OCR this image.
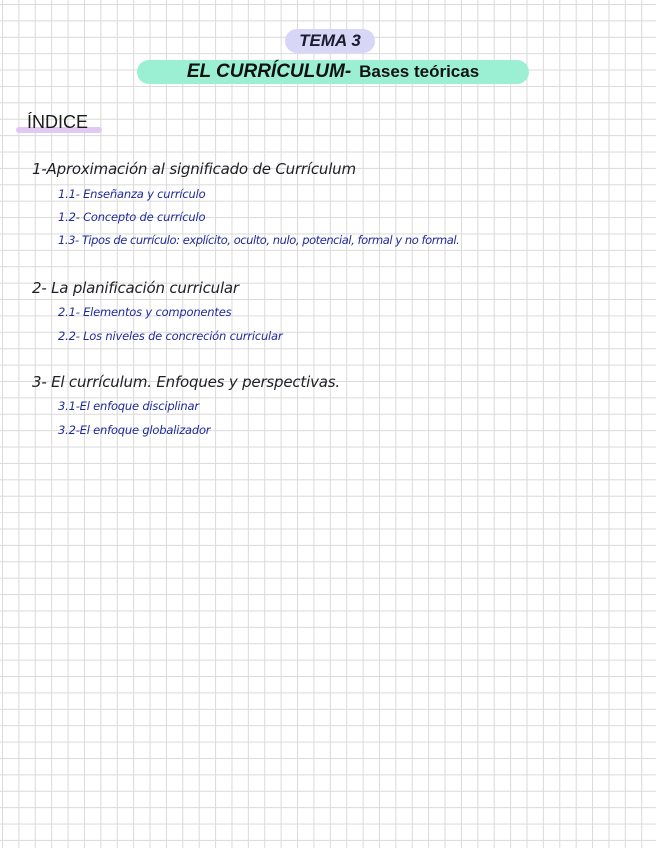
TEMA 3
EL CURRÍCULUM - Bases teóricas
ÍNDICE
1-Aproximación al significado de Currículum
1.1- Enseñanza y currículo
1.2- Concepto de currículo
1.3- Tipos de currículo: explícito, oculto, nulo, potencial, formal y no formal.
2- La planificación curricular
2.1- Elementos y componentes
2.2- Los niveles de concreción curricular
3- El currículum. Enfoques y perspectivas.
3.1-El enfoque disciplinar
3.2-El enfoque globalizador
